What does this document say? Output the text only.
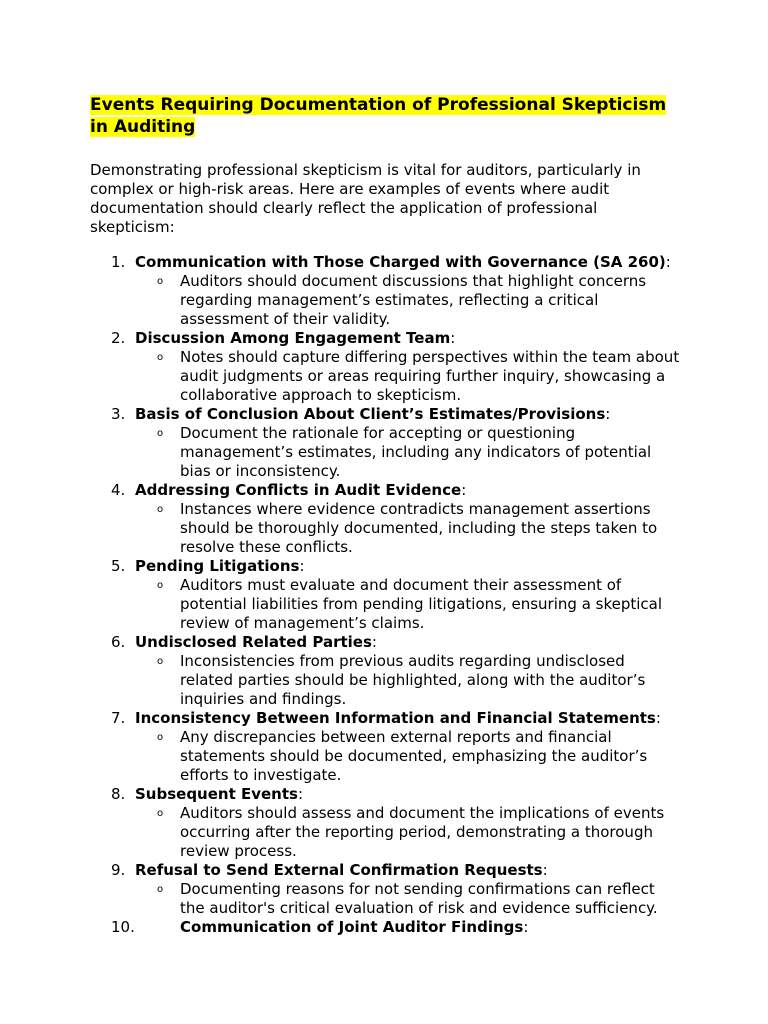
Events Requiring Documentation of Professional Skepticism
in Auditing

Demonstrating professional skepticism is vital for auditors, particularly in complex or high-risk areas. Here are examples of events where audit documentation should clearly reflect the application of professional skepticism:

1. Communication with Those Charged with Governance (SA 260):
o Auditors should document discussions that highlight concerns regarding management’s estimates, reflecting a critical assessment of their validity.
2. Discussion Among Engagement Team:
o Notes should capture differing perspectives within the team about audit judgments or areas requiring further inquiry, showcasing a collaborative approach to skepticism.
3. Basis of Conclusion About Client’s Estimates/Provisions:
o Document the rationale for accepting or questioning management’s estimates, including any indicators of potential bias or inconsistency.
4. Addressing Conflicts in Audit Evidence:
o Instances where evidence contradicts management assertions should be thoroughly documented, including the steps taken to resolve these conflicts.
5. Pending Litigations:
o Auditors must evaluate and document their assessment of potential liabilities from pending litigations, ensuring a skeptical review of management’s claims.
6. Undisclosed Related Parties:
o Inconsistencies from previous audits regarding undisclosed related parties should be highlighted, along with the auditor’s inquiries and findings.
7. Inconsistency Between Information and Financial Statements:
o Any discrepancies between external reports and financial statements should be documented, emphasizing the auditor’s efforts to investigate.
8. Subsequent Events:
o Auditors should assess and document the implications of events occurring after the reporting period, demonstrating a thorough review process.
9. Refusal to Send External Confirmation Requests:
o Documenting reasons for not sending confirmations can reflect the auditor's critical evaluation of risk and evidence sufficiency.
10.	Communication of Joint Auditor Findings:
